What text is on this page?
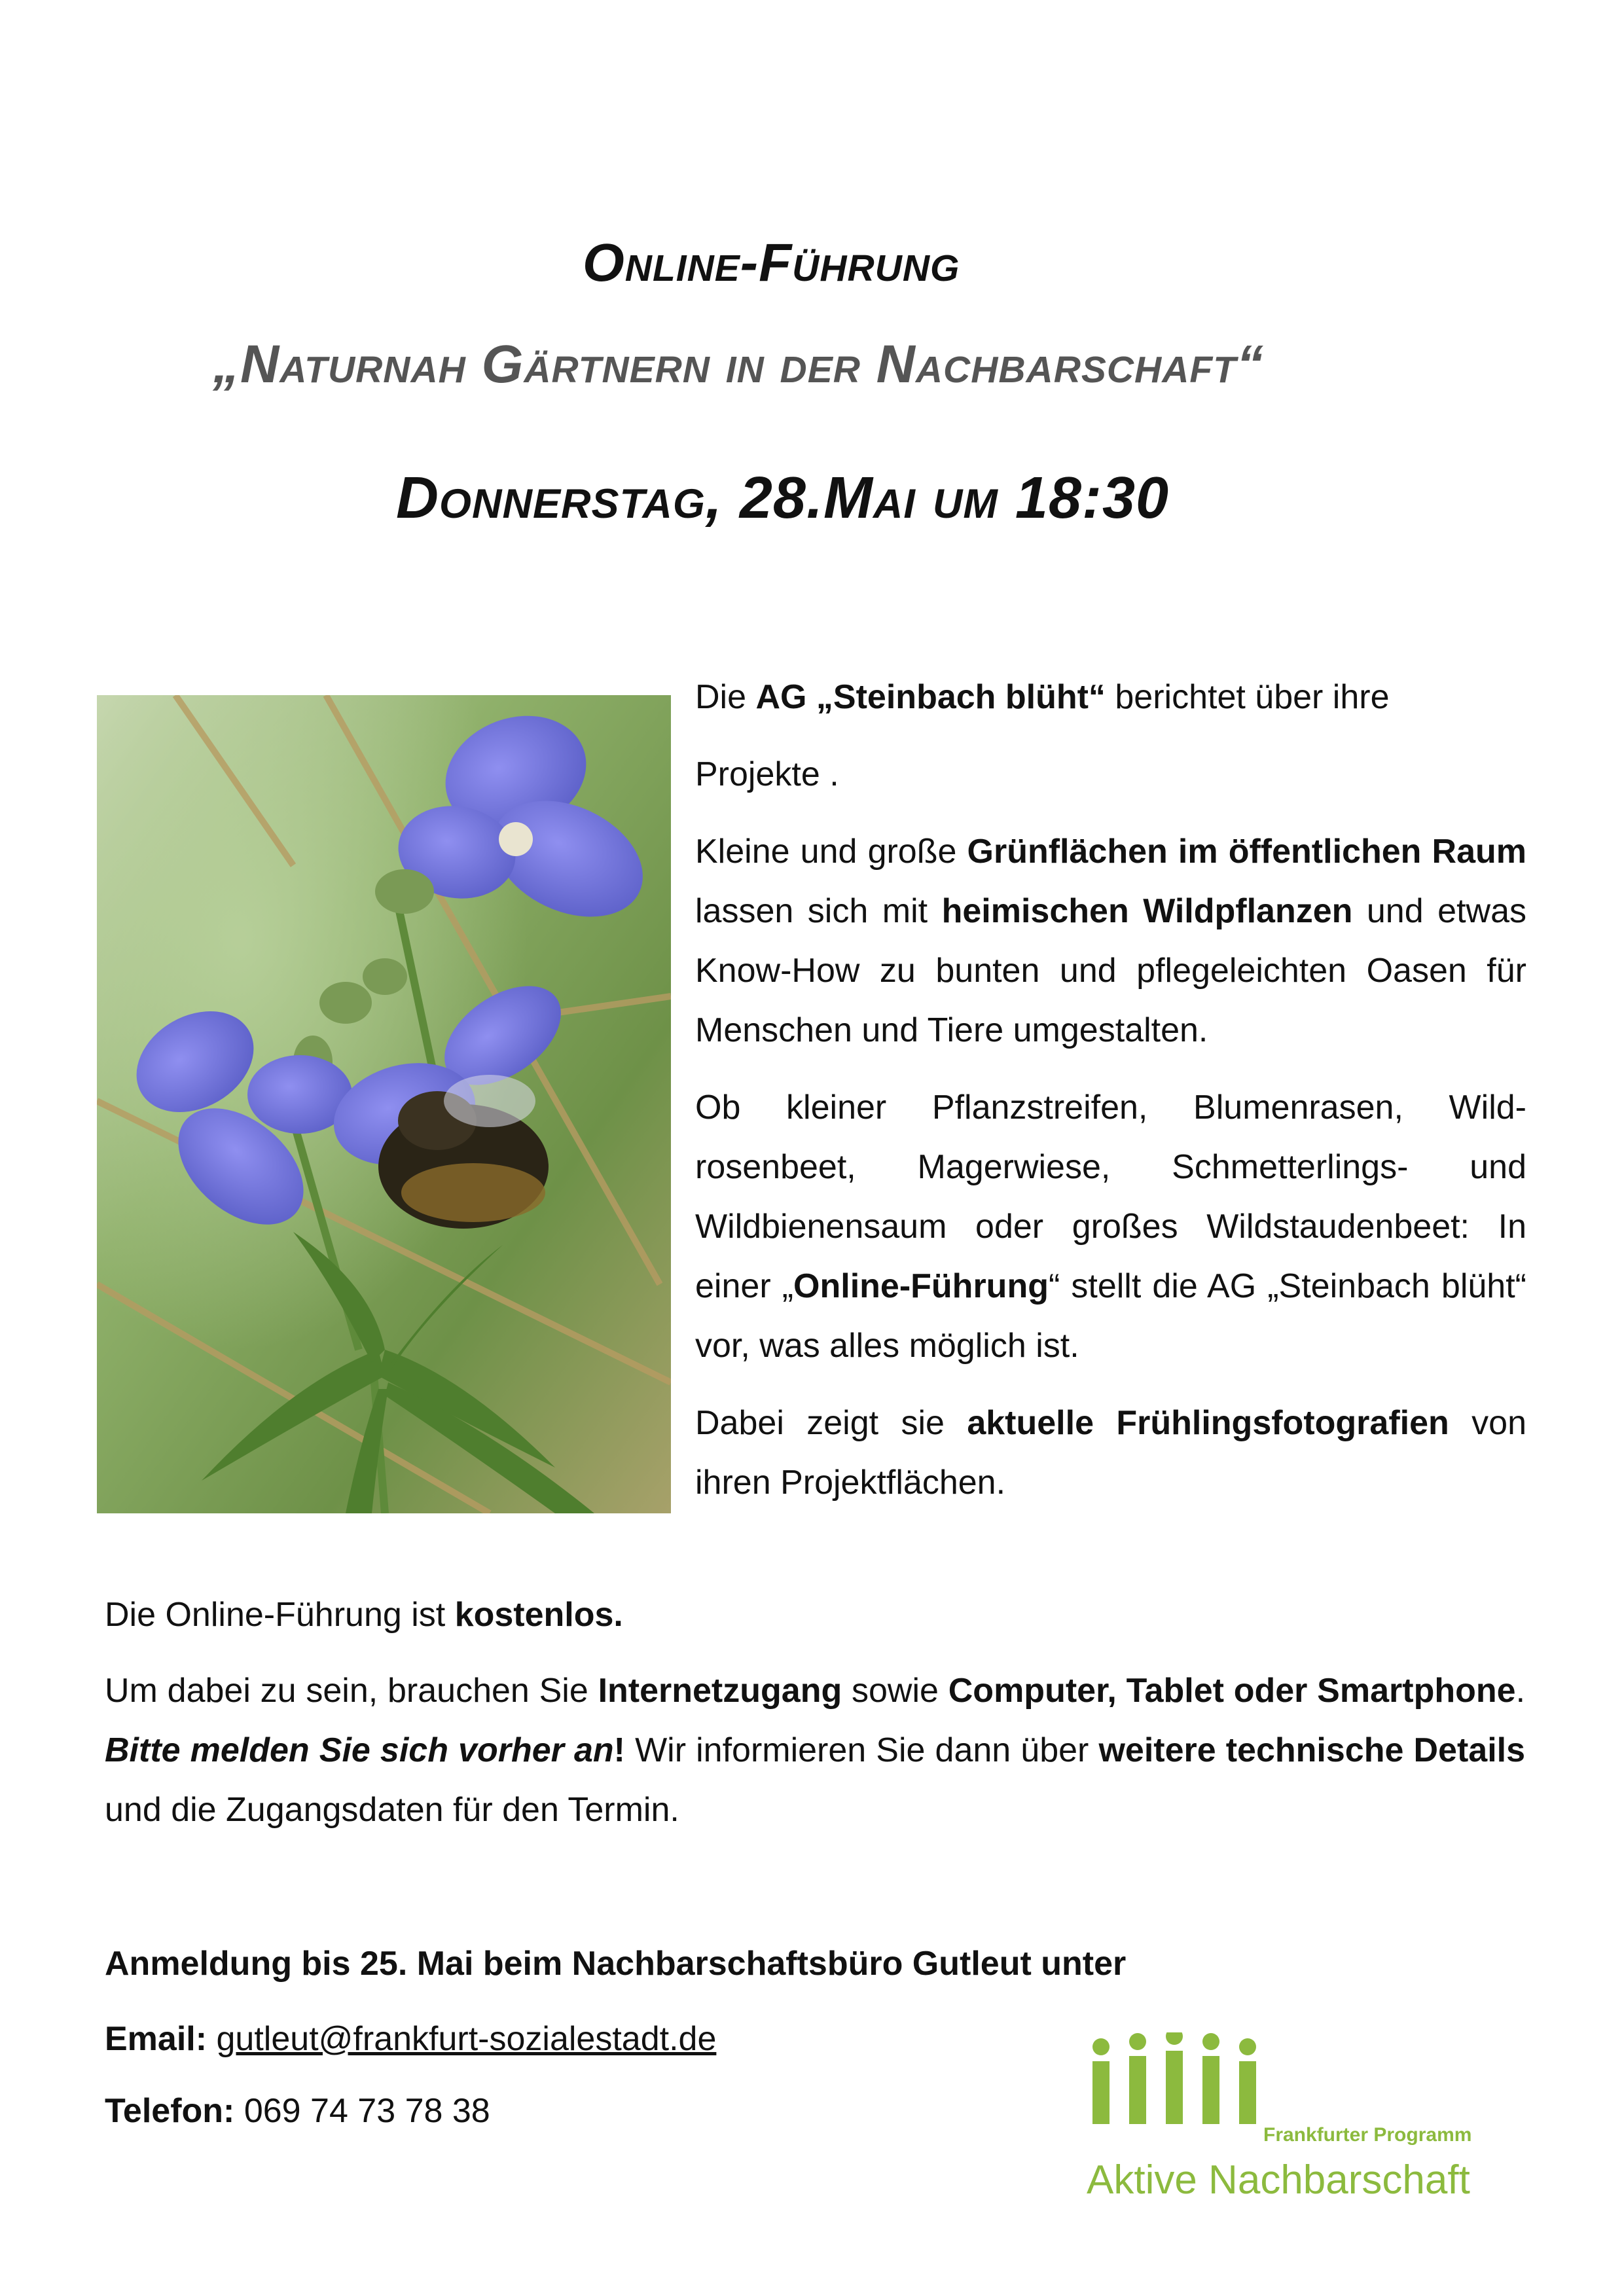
Online-Führung
„Naturnah Gärtnern in der Nachbarschaft“
Donnerstag, 28.Mai um 18:30

Die AG „Steinbach blüht“ berichtet über ihre

Projekte .

Kleine und große Grünflächen im öffentlichen Raum lassen sich mit heimischen Wildpflanzen und etwas Know-How zu bunten und pflegeleichten Oasen für Menschen und Tiere umgestalten.

Ob kleiner Pflanzstreifen, Blumenrasen, Wildrosenbeet, Magerwiese, Schmetterlings- und Wildbienensaum oder großes Wildstaudenbeet: In einer „Online-Führung“ stellt die AG „Steinbach blüht“ vor, was alles möglich ist.

Dabei zeigt sie aktuelle Frühlingsfotografien von ihren Projektflächen.

Die Online-Führung ist kostenlos.

Um dabei zu sein, brauchen Sie Internetzugang sowie Computer, Tablet oder Smartphone. Bitte melden Sie sich vorher an! Wir informieren Sie dann über weitere technische Details und die Zugangsdaten für den Termin.

Anmeldung bis 25. Mai beim Nachbarschaftsbüro Gutleut unter
Email: gutleut@frankfurt-sozialestadt.de
Telefon: 069 74 73 78 38
Frankfurter Programm
Aktive Nachbarschaft
